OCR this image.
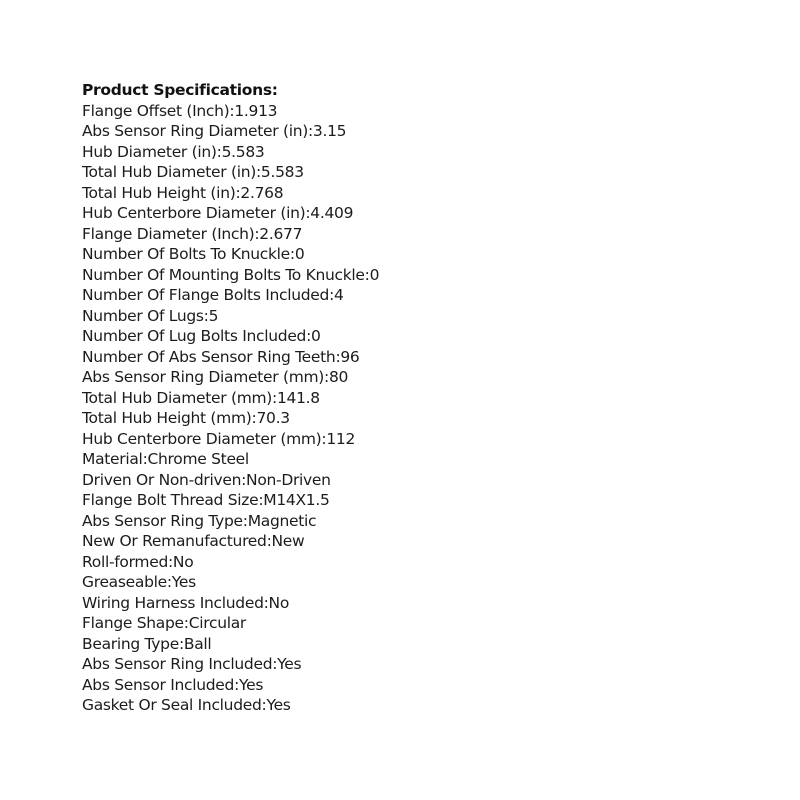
Product Specifications:
Flange Offset (Inch):1.913
Abs Sensor Ring Diameter (in):3.15
Hub Diameter (in):5.583
Total Hub Diameter (in):5.583
Total Hub Height (in):2.768
Hub Centerbore Diameter (in):4.409
Flange Diameter (Inch):2.677
Number Of Bolts To Knuckle:0
Number Of Mounting Bolts To Knuckle:0
Number Of Flange Bolts Included:4
Number Of Lugs:5
Number Of Lug Bolts Included:0
Number Of Abs Sensor Ring Teeth:96
Abs Sensor Ring Diameter (mm):80
Total Hub Diameter (mm):141.8
Total Hub Height (mm):70.3
Hub Centerbore Diameter (mm):112
Material:Chrome Steel
Driven Or Non-driven:Non-Driven
Flange Bolt Thread Size:M14X1.5
Abs Sensor Ring Type:Magnetic
New Or Remanufactured:New
Roll-formed:No
Greaseable:Yes
Wiring Harness Included:No
Flange Shape:Circular
Bearing Type:Ball
Abs Sensor Ring Included:Yes
Abs Sensor Included:Yes
Gasket Or Seal Included:Yes
